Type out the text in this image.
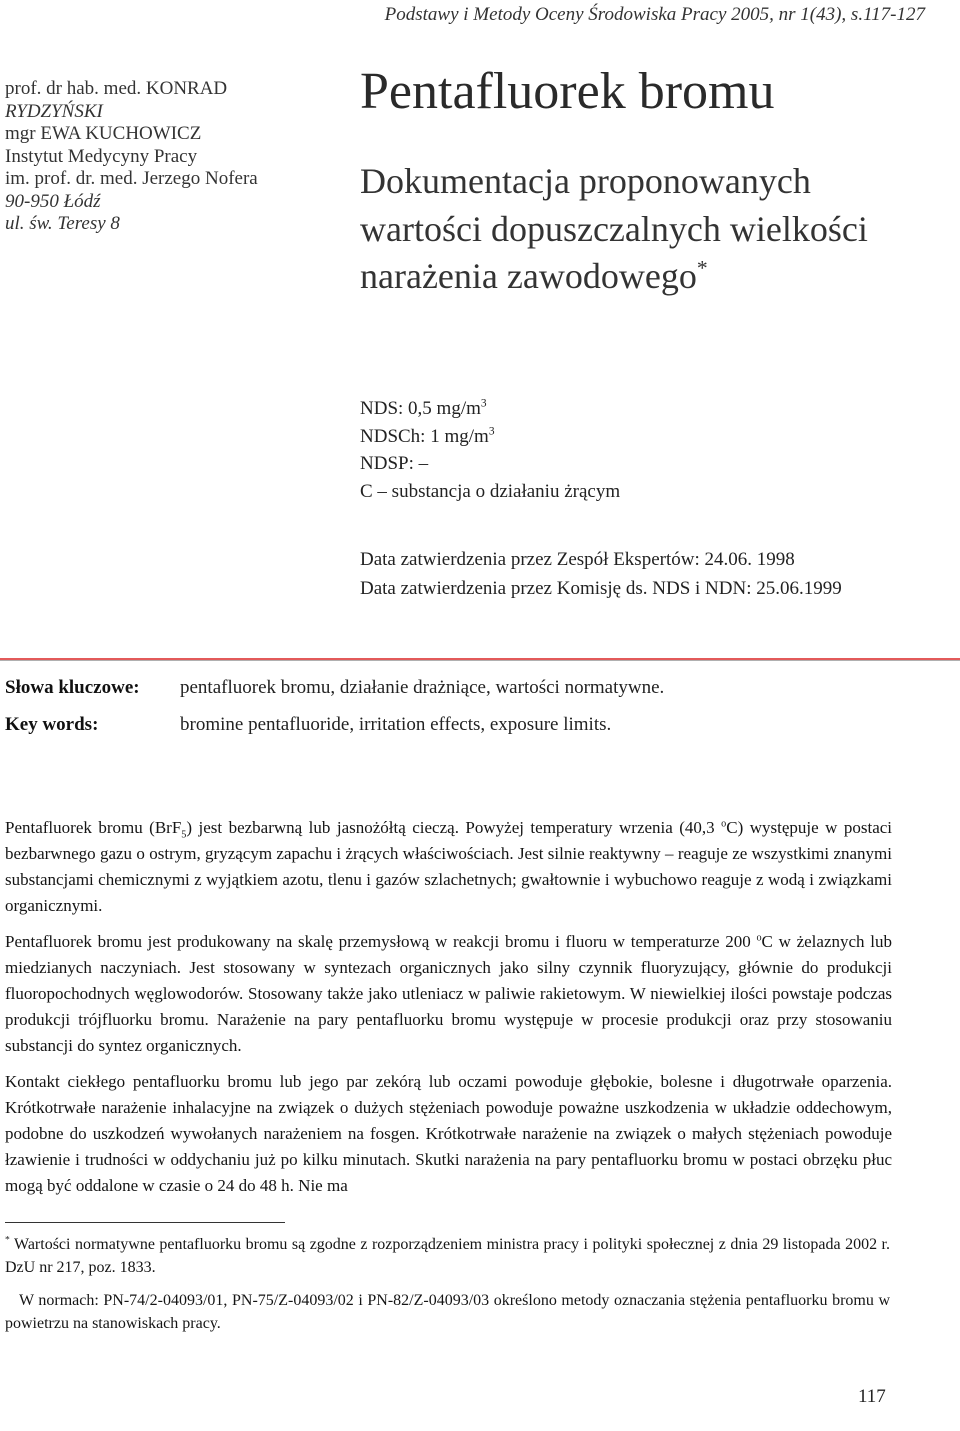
Podstawy i Metody Oceny Środowiska Pracy 2005, nr 1(43), s.117-127
prof. dr hab. med. KONRAD
RYDZYŃSKI
mgr EWA KUCHOWICZ
Instytut Medycyny Pracy
im. prof. dr. med. Jerzego Nofera
90-950 Łódź
ul. św. Teresy 8
Pentafluorek bromu
Dokumentacja proponowanych
wartości dopuszczalnych wielkości
narażenia zawodowego*
NDS: 0,5 $mg/m^3$
NDSCh: 1 $mg/m^3$
NDSP: –
C – substancja o działaniu żrącym
Data zatwierdzenia przez Zespół Ekspertów: 24.06. 1998
Data zatwierdzenia przez Komisję ds. NDS i NDN: 25.06.1999
Słowa kluczowe: pentafluorek bromu, działanie drażniące, wartości normatywne.
Key words:	bromine pentafluoride, irritation effects, exposure limits.

Pentafluorek bromu (BrF$_5$) jest bezbarwną lub jasnożółtą cieczą. Powyżej temperatury wrzenia (40,3 $^o$C) występuje w postaci bezbarwnego gazu o ostrym, gryzącym zapachu i żrących właściwościach. Jest silnie reaktywny – reaguje ze wszystkimi znanymi substancjami chemicznymi z wyjątkiem azotu, tlenu i gazów szlachetnych; gwałtownie i wybuchowo reaguje z wodą i związkami organicznymi.

Pentafluorek bromu jest produkowany na skalę przemysłową w reakcji bromu i fluoru w temperaturze 200 $^o$C w żelaznych lub miedzianych naczyniach. Jest stosowany w syntezach organicznych jako silny czynnik fluoryzujący, głównie do produkcji fluoropochodnych węglowodorów. Stosowany także jako utleniacz w paliwie rakietowym. W niewielkiej ilości powstaje podczas produkcji trójfluorku bromu. Narażenie na pary pentafluorku bromu występuje w procesie produkcji oraz przy stosowaniu substancji do syntez organicznych.

Kontakt ciekłego pentafluorku bromu lub jego par zekórą lub oczami powoduje głębokie, bolesne i długotrwałe oparzenia. Krótkotrwałe narażenie inhalacyjne na związek o dużych stężeniach powoduje poważne uszkodzenia w układzie oddechowym, podobne do uszkodzeń wywołanych narażeniem na fosgen. Krótkotrwałe narażenie na związek o małych stężeniach powoduje łzawienie i trudności w oddychaniu już po kilku minutach. Skutki narażenia na pary pentafluorku bromu w postaci obrzęku płuc mogą być oddalone w czasie o 24 do 48 h. Nie ma

* Wartości normatywne pentafluorku bromu są zgodne z rozporządzeniem ministra pracy i polityki społecznej z dnia 29 listopada 2002 r. DzU nr 217, poz. 1833.

W normach: PN-74/2-04093/01, PN-75/Z-04093/02 i PN-82/Z-04093/03 określono metody oznaczania stężenia pentafluorku bromu w powietrzu na stanowiskach pracy.

117
